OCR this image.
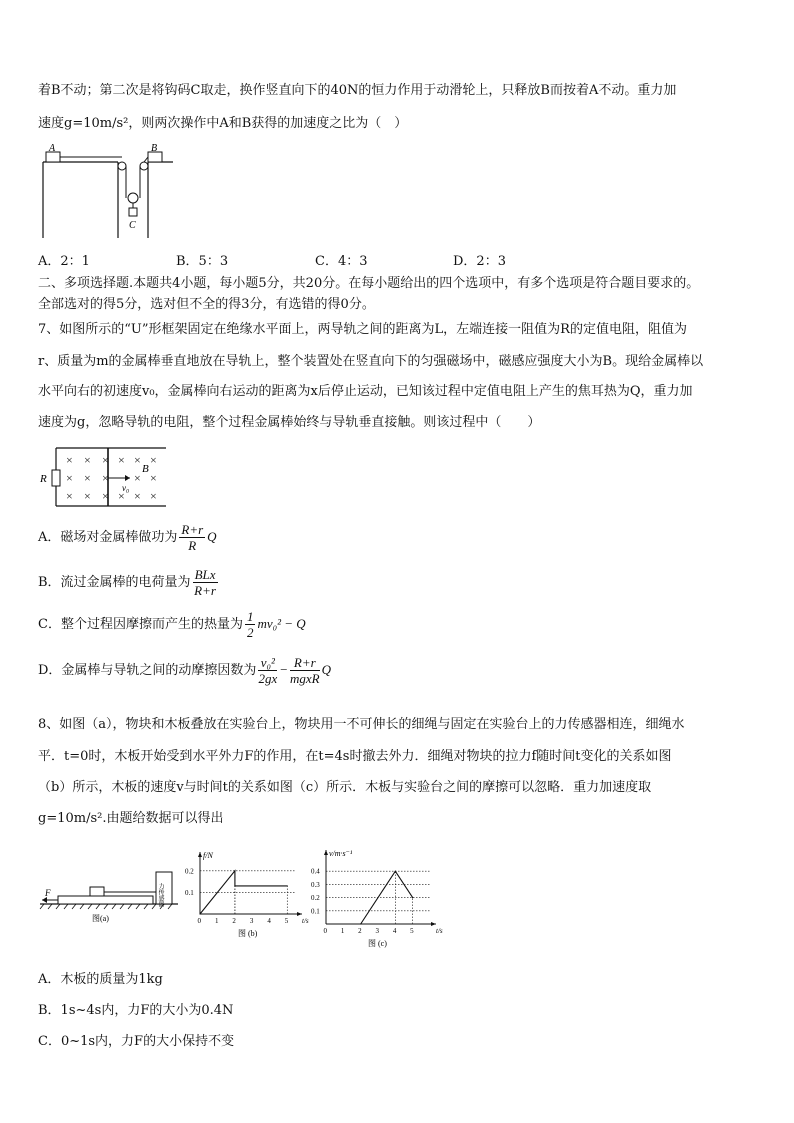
着B不动；第二次是将钩码C取走，换作竖直向下的40N的恒力作用于动滑轮上，只释放B而按着A不动。重力加
速度g=10m/s²，则两次操作中A和B获得的加速度之比为（　）
A	B
C
A．2：1	B．5：3	C．4：3	D．2：3
二、多项选择题.本题共4小题，每小题5分，共20分。在每小题给出的四个选项中，有多个选项是符合题目要求的。
全部选对的得5分，选对但不全的得3分，有选错的得0分。
7、如图所示的“U”形框架固定在绝缘水平面上，两导轨之间的距离为L，左端连接一阻值为R的定值电阻，阻值为
r、质量为m的金属棒垂直地放在导轨上，整个装置处在竖直向下的匀强磁场中，磁感应强度大小为B。现给金属棒以
水平向右的初速度v₀，金属棒向右运动的距离为x后停止运动，已知该过程中定值电阻上产生的焦耳热为Q，重力加
速度为g，忽略导轨的电阻，整个过程金属棒始终与导轨垂直接触。则该过程中（　　）
R
× × × × × ×
× × × × ×
× × × × × ×
B
v₀
A．磁场对金属棒做功为 $\frac{R+r}{R}$ Q
B．流过金属棒的电荷量为 $\frac{\text{BLx}}{R+r}$
C．整个过程因摩擦而产生的热量为 $\frac{1}{2} mv_0^2 - Q$
D．金属棒与导轨之间的动摩擦因数为 $\frac{\text{v₀²}}{2gx} - \frac{R+r}{\text{mgxR}}$ Q
8、如图（a），物块和木板叠放在实验台上，物块用一不可伸长的细绳与固定在实验台上的力传感器相连，细绳水
平．t=0时，木板开始受到水平外力F的作用，在t=4s时撤去外力．细绳对物块的拉力f随时间t变化的关系如图
（b）所示，木板的速度v与时间t的关系如图（c）所示．木板与实验台之间的摩擦可以忽略．重力加速度取
g=10m/s².由题给数据可以得出
力传感器
F
图(a)	0 1 2 3 4 5
0.1
0.2
f/N
t/s
图 (b)	0 1 2 3 4 5
0.1
0.2
0.3
0.4
v/m·s⁻¹
t/s
图 (c)
A．木板的质量为1kg
B．1s~4s内，力F的大小为0.4N
C．0~1s内，力F的大小保持不变
